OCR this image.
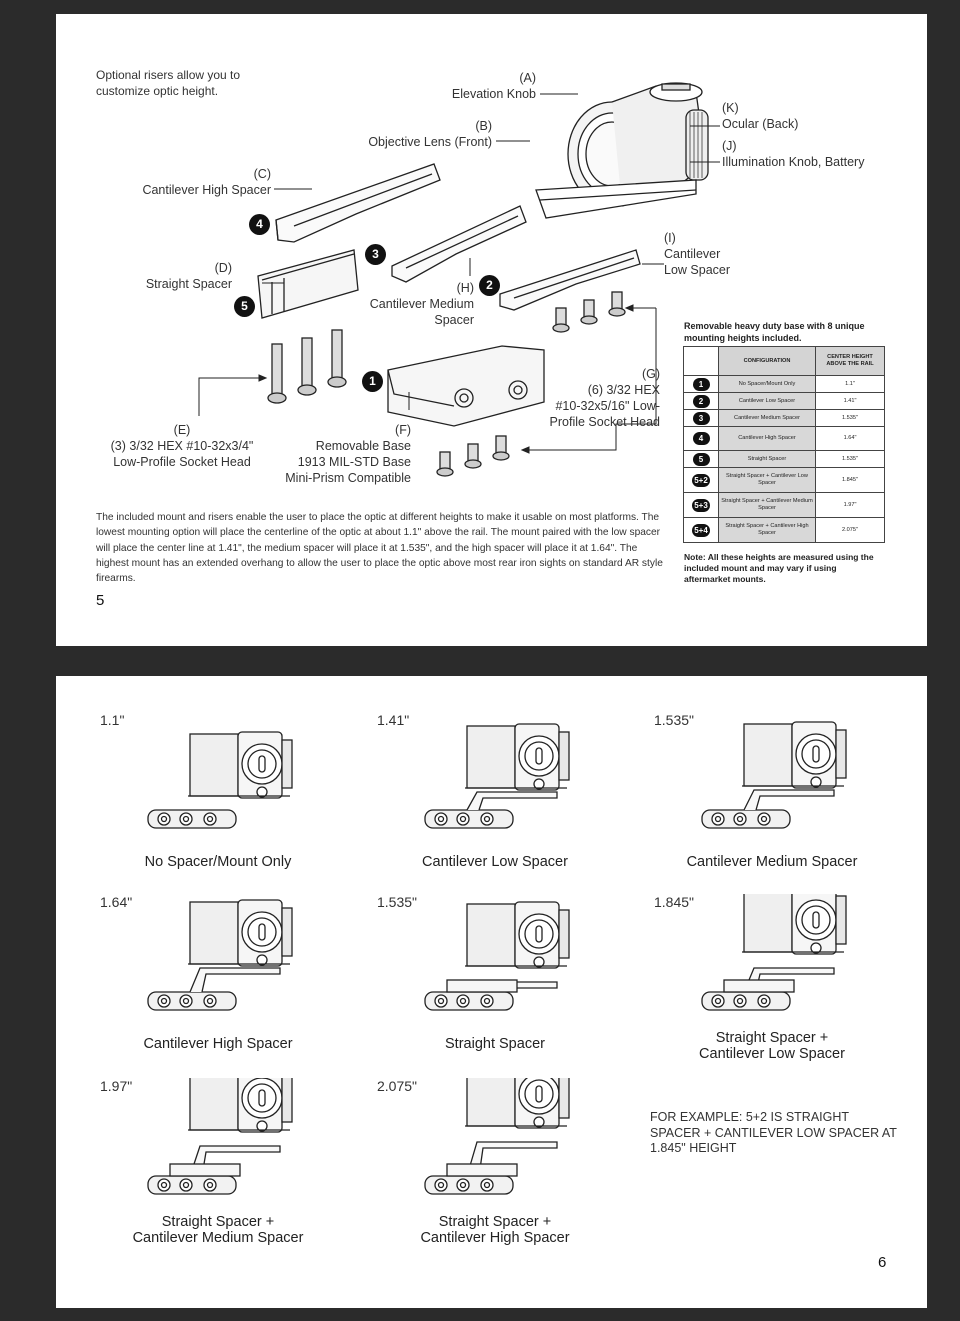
Optional risers allow you to customize optic height.
(A)
Elevation Knob
(B)
Objective Lens (Front)
(C)
Cantilever High Spacer
(D)
Straight Spacer
(E)
(3) 3/32 HEX #10-32x3/4"
Low-Profile Socket Head
(F)
Removable Base
1913 MIL-STD Base
Mini-Prism Compatible
(G)
(6) 3/32 HEX
#10-32x5/16" Low-
Profile Socket Head
(H)
Cantilever Medium
Spacer
(I)
Cantilever
Low Spacer
(J)
Illumination Knob, Battery
(K)
Ocular (Back)
4
3
2
5
1
Removable heavy duty base with 8 unique mounting heights included.
	CONFIGURATION	CENTER HEIGHT ABOVE THE RAIL
1	No Spacer/Mount Only	1.1"
2	Cantilever Low Spacer	1.41"
3	Cantilever Medium Spacer	1.535"
4	Cantilever High Spacer	1.64"
5	Straight Spacer	1.535"
5+2	Straight Spacer + Cantilever Low Spacer	1.845"
5+3	Straight Spacer + Cantilever Medium Spacer	1.97"
5+4	Straight Spacer + Cantilever High Spacer	2.075"
Note: All these heights are measured using the included mount and may vary if using aftermarket mounts.
The included mount and risers enable the user to place the optic at different heights to make it usable on most platforms. The lowest mounting option will place the centerline of the optic at about 1.1" above the rail. The mount paired with the low spacer will place the center line at 1.41", the medium spacer will place it at 1.535", and the high spacer will place it at 1.64". The highest mount has an extended overhang to allow the user to place the optic above most rear iron sights on standard AR style firearms.
5
1.1"
No Spacer/Mount Only
1.41"
Cantilever Low Spacer
1.535"
Cantilever Medium Spacer
1.64"
Cantilever High Spacer
1.535"
Straight Spacer
1.845"
Straight Spacer +
Cantilever Low Spacer
1.97"
Straight Spacer +
Cantilever Medium Spacer
2.075"
Straight Spacer +
Cantilever High Spacer
FOR EXAMPLE: 5+2 IS STRAIGHT SPACER + CANTILEVER LOW SPACER AT 1.845" HEIGHT
6
